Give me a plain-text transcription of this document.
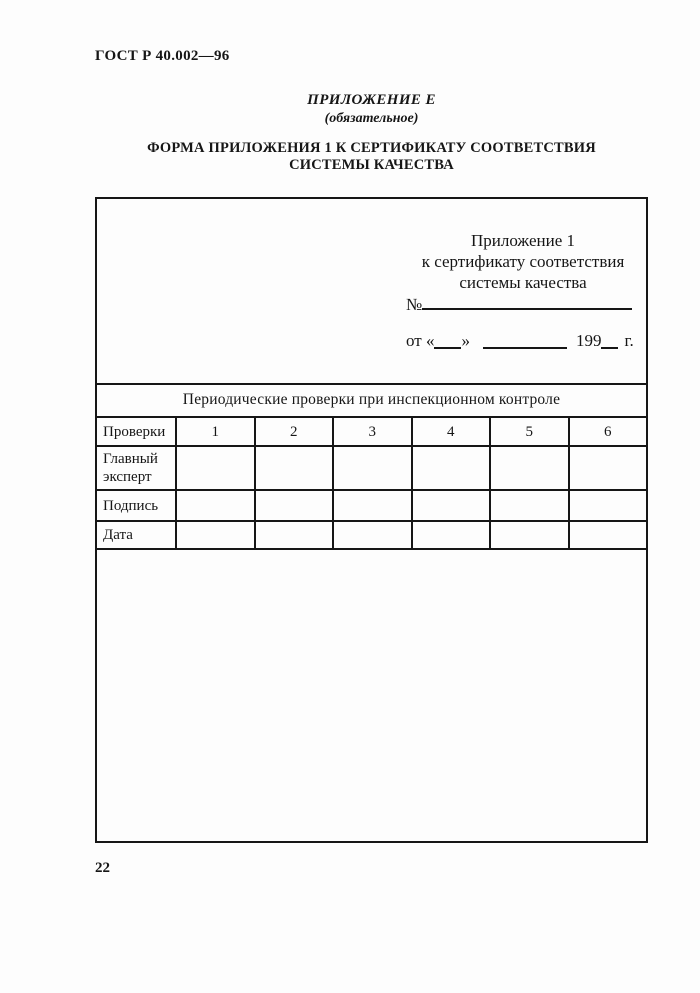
ГОСТ Р 40.002—96
ПРИЛОЖЕНИЕ Е
(обязательное)
ФОРМА ПРИЛОЖЕНИЯ 1 К СЕРТИФИКАТУ СООТВЕТСТВИЯ СИСТЕМЫ КАЧЕСТВА
Приложение 1
к сертификату соответствия
системы качества
№
от « »	199 г.
Периодические проверки при инспекционном контроле						
Проверки	1	2	3	4	5	6
Главный эксперт						
Подпись						
Дата						
22
